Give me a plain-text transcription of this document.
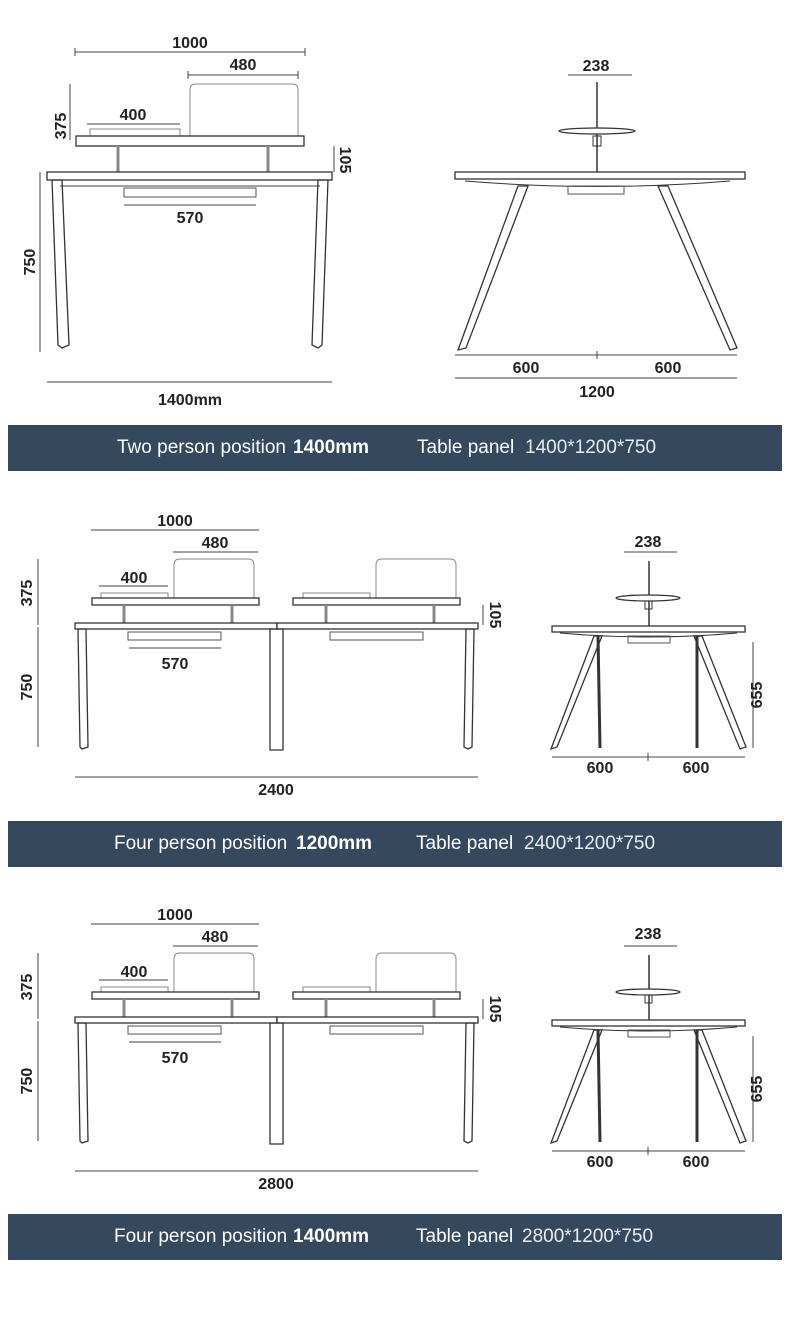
1000
480
400
375
105
750
570
1400mm
238
600	600
1200
Two person position 1400mm	Table panel 1400*1200*750
1000
480
400
375
105
750
570
2400
238
655
600	600
Four person position 1200mm Table panel 2400*1200*750
1000
480
400
375
105
750
570
2800
238
655
600	600
Four person position 1400mm Table panel 2800*1200*750
